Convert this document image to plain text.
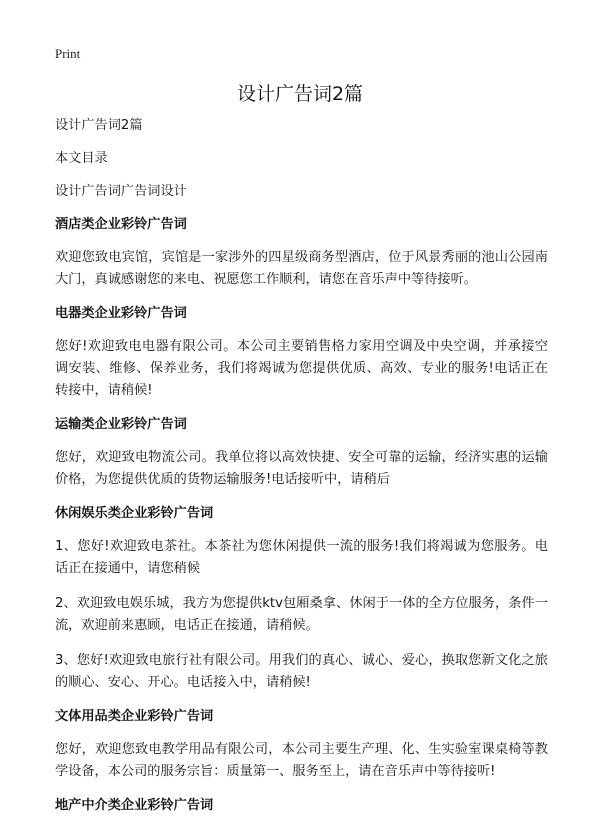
Print
设计广告词2篇

设计广告词2篇

本文目录

设计广告词广告词设计

酒店类企业彩铃广告词

欢迎您致电宾馆，宾馆是一家涉外的四星级商务型酒店，位于风景秀丽的池山公园南大门，真诚感谢您的来电、祝愿您工作顺利，请您在音乐声中等待接听。

电器类企业彩铃广告词

您好!欢迎致电电器有限公司。本公司主要销售格力家用空调及中央空调，并承接空调安装、维修、保养业务，我们将竭诚为您提供优质、高效、专业的服务!电话正在转接中，请稍候!

运输类企业彩铃广告词

您好，欢迎致电物流公司。我单位将以高效快捷、安全可靠的运输，经济实惠的运输价格，为您提供优质的货物运输服务!电话接听中，请稍后

休闲娱乐类企业彩铃广告词

1、您好!欢迎致电茶社。本茶社为您休闲提供一流的服务!我们将竭诚为您服务。电话正在接通中，请您稍候

2、欢迎致电娱乐城，我方为您提供ktv包厢桑拿、休闲于一体的全方位服务，条件一流，欢迎前来惠顾，电话正在接通，请稍候。

3、您好!欢迎致电旅行社有限公司。用我们的真心、诚心、爱心，换取您新文化之旅的顺心、安心、开心。电话接入中，请稍候!

文体用品类企业彩铃广告词

您好，欢迎您致电教学用品有限公司，本公司主要生产理、化、生实验室课桌椅等教学设备，本公司的服务宗旨：质量第一、服务至上，请在音乐声中等待接听!

地产中介类企业彩铃广告词
